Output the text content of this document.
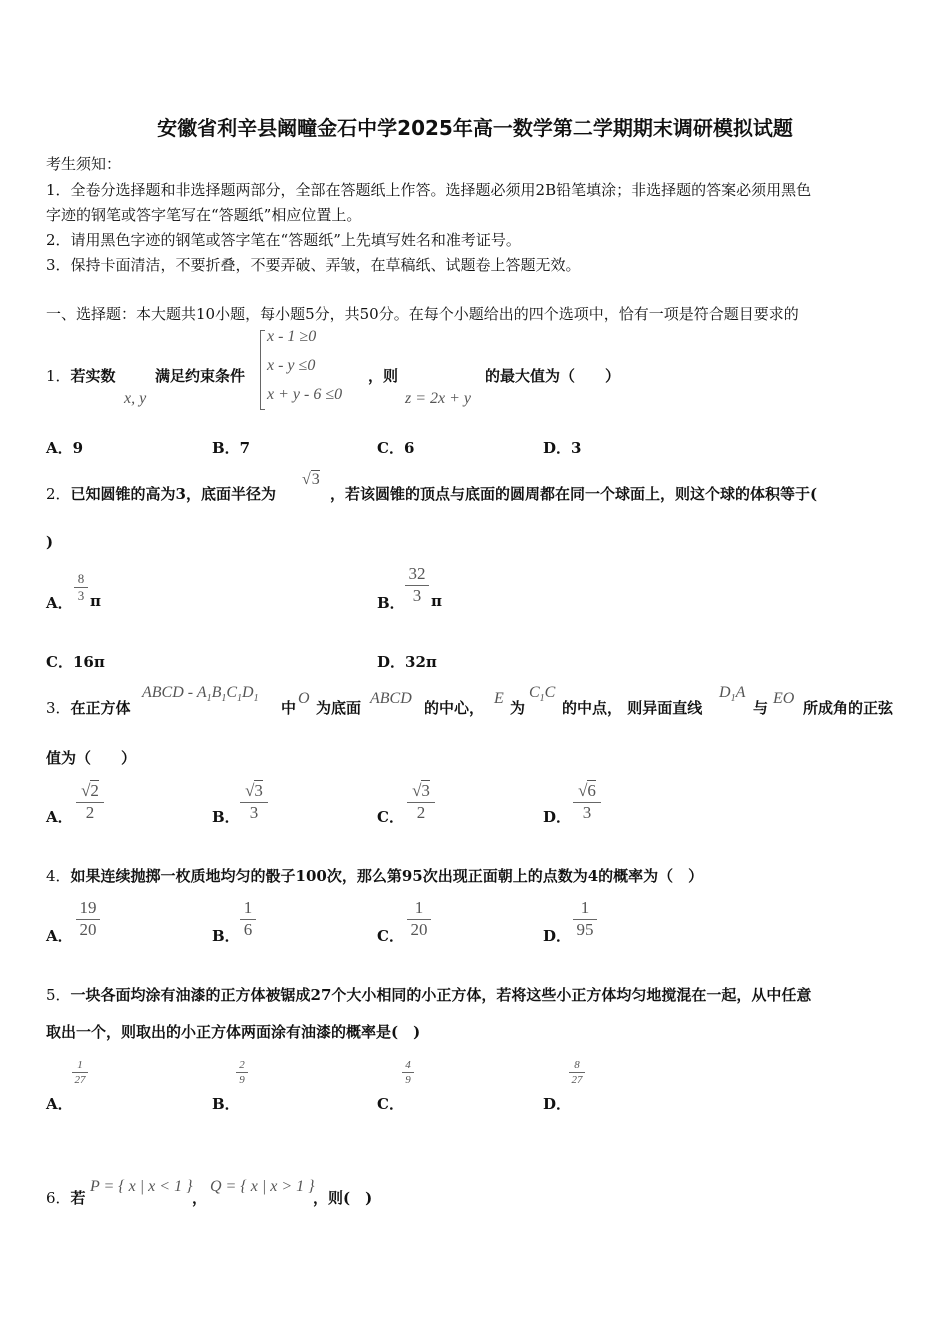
安徽省利辛县阚疃金石中学2025年高一数学第二学期期末调研模拟试题
考生须知：
1．全卷分选择题和非选择题两部分，全部在答题纸上作答。选择题必须用2B铅笔填涂；非选择题的答案必须用黑色
字迹的钢笔或答字笔写在“答题纸”相应位置上。
2．请用黑色字迹的钢笔或答字笔在“答题纸”上先填写姓名和准考证号。
3．保持卡面清洁，不要折叠，不要弄破、弄皱，在草稿纸、试题卷上答题无效。
一、选择题：本大题共10小题，每小题5分，共50分。在每个小题给出的四个选项中，恰有一项是符合题目要求的
1．若实数
x, y
满足约束条件
x - 1 ≥0
x - y ≤0
x + y - 6 ≤0
，则
z = 2x + y
的最大值为（　　）
A．9	B．7	C．6	D．3
2．已知圆锥的高为3，底面半径为
√3
，若该圆锥的顶点与底面的圆周都在同一个球面上，则这个球的体积等于(
)
A．
8
3 π	B．
32
3 π
C．16π	D．32π
3．在正方体
ABCD - $A_1B_1C_1D_1$
中
O
为底面
ABCD
的中心，
E
为
$C_1C$
的中点， 则异面直线
$D_1A$
与
EO
所成角的正弦
值为（　　）
A．
√2
2	B．
√3
3	C．
√3
2	D．
√6
3
4．如果连续抛掷一枚质地均匀的骰子100次，那么第95次出现正面朝上的点数为4的概率为（　）
A．
19
20	B．
1
6	C．
1
20	D．
1
95
5．一块各面均涂有油漆的正方体被锯成27个大小相同的小正方体，若将这些小正方体均匀地搅混在一起，从中任意
取出一个，则取出的小正方体两面涂有油漆的概率是(　)
A．
1
27
B．
2
9
C．
4
9
D．
8
27
6．若
P = { x | x < 1 }
，
Q = { x | x > 1 }
，则(　)
